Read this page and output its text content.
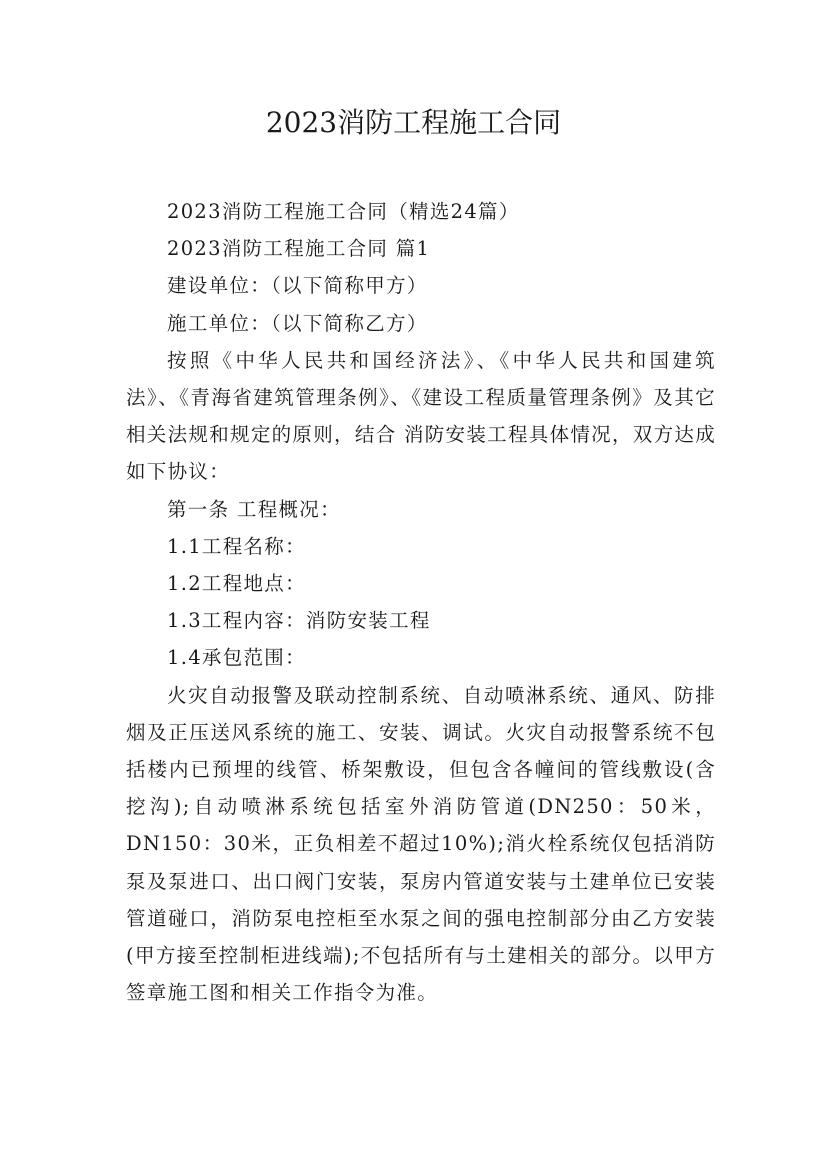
2023消防工程施工合同

2023消防工程施工合同（精选24篇）

2023消防工程施工合同 篇1

建设单位：（以下简称甲方）

施工单位：（以下简称乙方）

按照《中华人民共和国经济法》、《中华人民共和国建筑法》、《青海省建筑管理条例》、《建设工程质量管理条例》及其它相关法规和规定的原则，结合 消防安装工程具体情况，双方达成如下协议：

第一条 工程概况：

1.1工程名称：

1.2工程地点：

1.3工程内容：消防安装工程

1.4承包范围：

火灾自动报警及联动控制系统、自动喷淋系统、通风、防排烟及正压送风系统的施工、安装、调试。火灾自动报警系统不包括楼内已预埋的线管、桥架敷设，但包含各幢间的管线敷设(含挖沟);自动喷淋系统包括室外消防管道(DN250：50米，DN150：30米，正负相差不超过10%);消火栓系统仅包括消防泵及泵进口、出口阀门安装，泵房内管道安装与土建单位已安装管道碰口，消防泵电控柜至水泵之间的强电控制部分由乙方安装(甲方接至控制柜进线端);不包括所有与土建相关的部分。以甲方签章施工图和相关工作指令为准。
